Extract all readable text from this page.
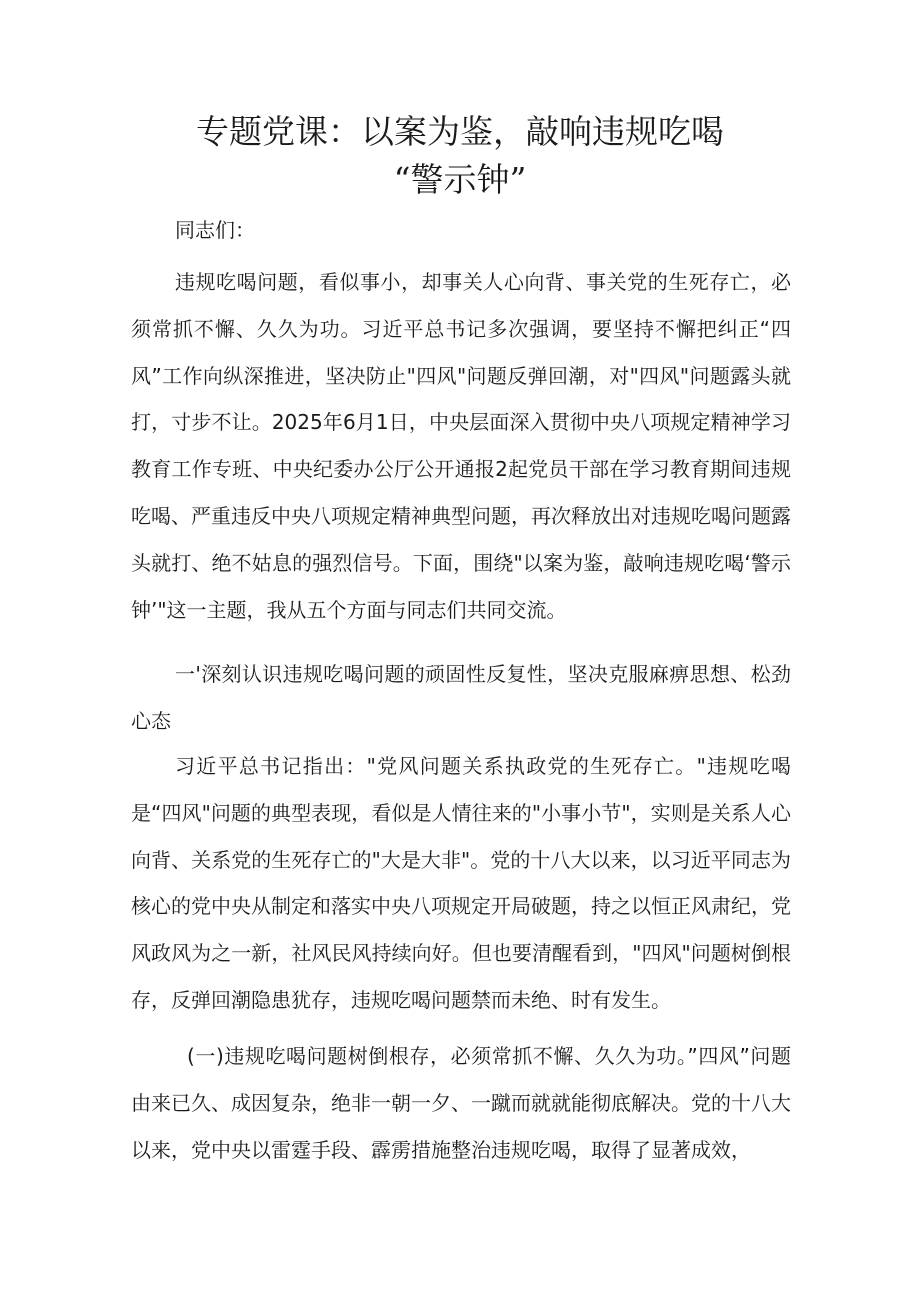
专题党课：以案为鉴，敲响违规吃喝
“警示钟”

同志们：

违规吃喝问题，看似事小，却事关人心向背、事关党的生死存亡，必须常抓不懈、久久为功。习近平总书记多次强调，要坚持不懈把纠正“四风”工作向纵深推进，坚决防止"四风"问题反弹回潮，对"四风"问题露头就打，寸步不让。2025年6月1日，中央层面深入贯彻中央八项规定精神学习教育工作专班、中央纪委办公厅公开通报2起党员干部在学习教育期间违规吃喝、严重违反中央八项规定精神典型问题，再次释放出对违规吃喝问题露头就打、绝不姑息的强烈信号。下面，围绕"以案为鉴，敲响违规吃喝‘警示钟’"这一主题，我从五个方面与同志们共同交流。

一'深刻认识违规吃喝问题的顽固性反复性，坚决克服麻痹思想、松劲心态

习近平总书记指出："党风问题关系执政党的生死存亡。"违规吃喝是“四风"问题的典型表现，看似是人情往来的"小事小节"，实则是关系人心向背、关系党的生死存亡的"大是大非"。党的十八大以来，以习近平同志为核心的党中央从制定和落实中央八项规定开局破题，持之以恒正风肃纪，党风政风为之一新，社风民风持续向好。但也要清醒看到，"四风"问题树倒根存，反弹回潮隐患犹存，违规吃喝问题禁而未绝、时有发生。

(一)违规吃喝问题树倒根存，必须常抓不懈、久久为功。”四风”问题由来已久、成因复杂，绝非一朝一夕、一蹴而就就能彻底解决。党的十八大以来，党中央以雷霆手段、霹雳措施整治违规吃喝，取得了显著成效，
